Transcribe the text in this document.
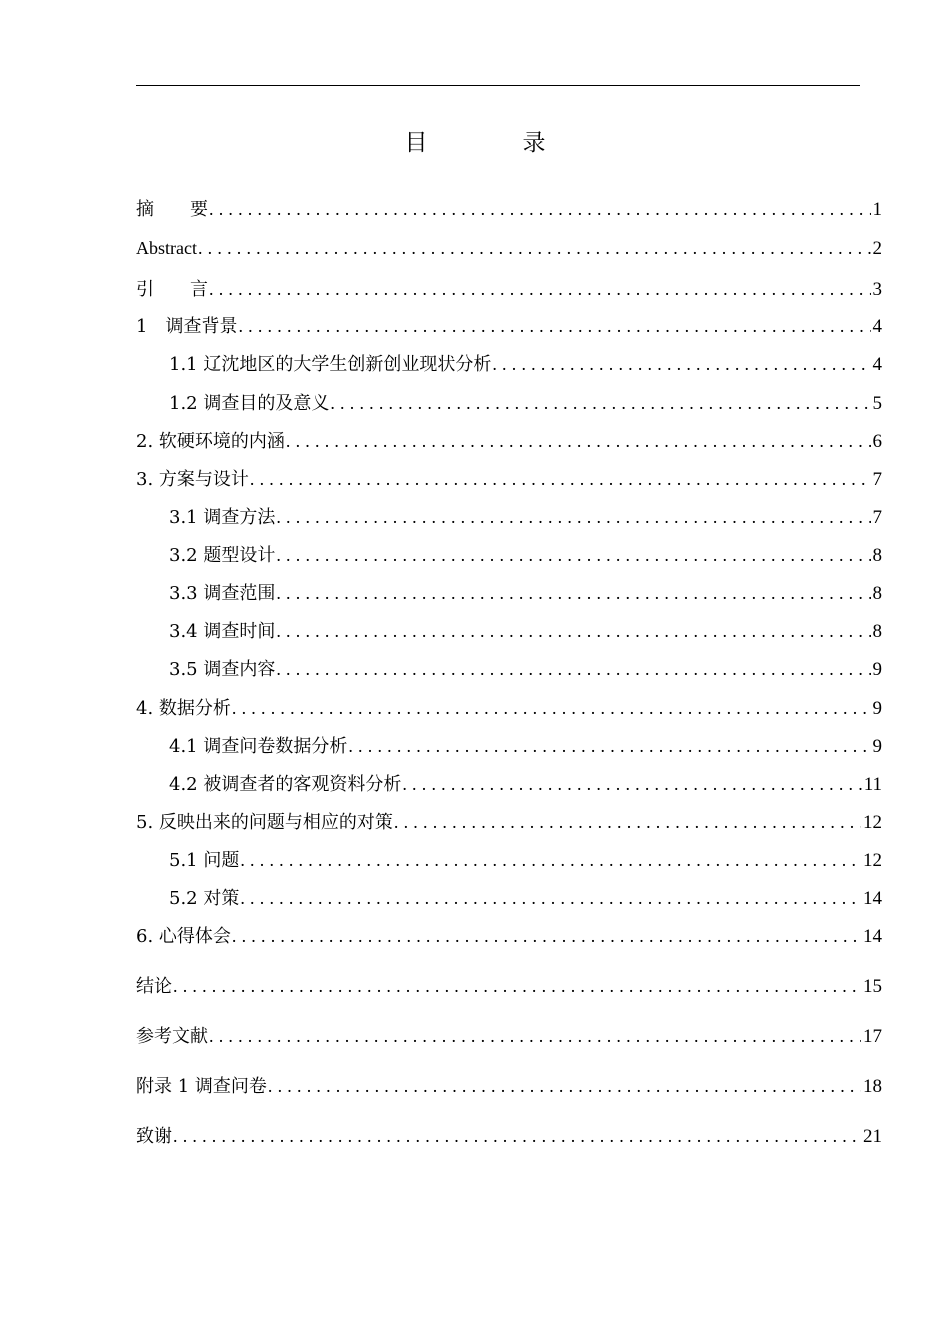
目　录
摘　　要 .....	1
Abstract .....	2
引　　言 .....	3
1　调查背景 .....	4
1.1 辽沈地区的大学生创新创业现状分析 .....	4
1.2 调查目的及意义 .....	5
2. 软硬环境的内涵 .....	6
3. 方案与设计 .....	7
3.1 调查方法 .....	7
3.2 题型设计 .....	8
3.3 调查范围 .....	8
3.4 调查时间 .....	8
3.5 调查内容 .....	9
4. 数据分析 .....	9
4.1 调查问卷数据分析 .....	9
4.2 被调查者的客观资料分析 .....	11
5. 反映出来的问题与相应的对策 .....	12
5.1 问题 .....	12
5.2 对策 .....	14
6. 心得体会 .....	14
结论 .....	15
参考文献 .....	17
附录 1 调查问卷 .....	18
致谢 .....	21
